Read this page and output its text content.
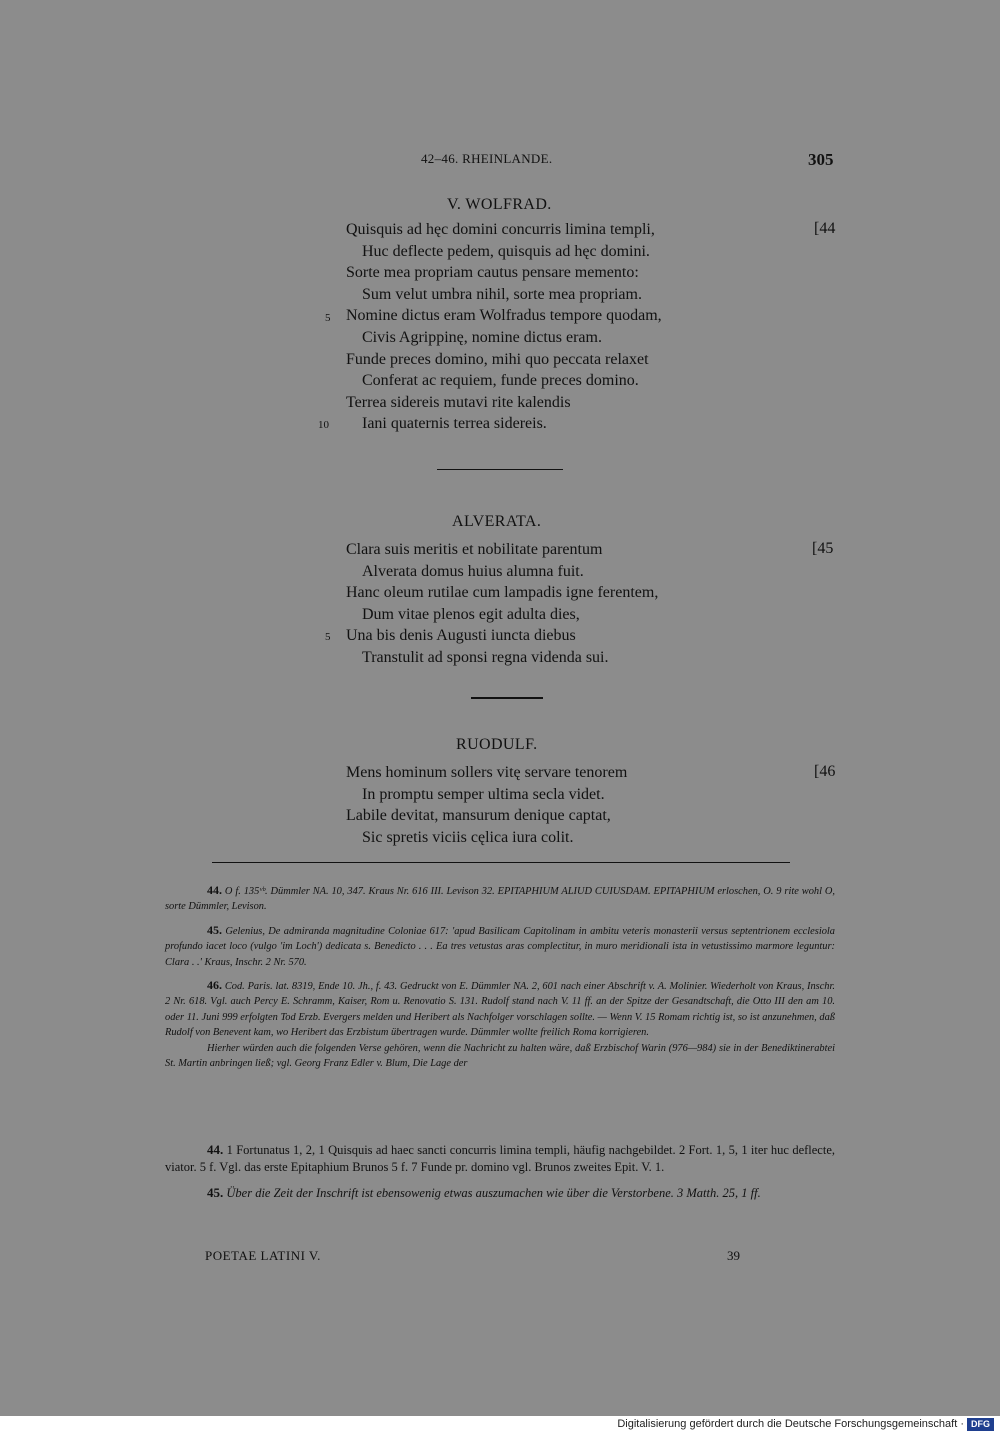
42–46. RHEINLANDE.	305
V. WOLFRAD.
[44
Quisquis ad hęc domini concurris limina templi,
Huc deflecte pedem, quisquis ad hęc domini.
Sorte mea propriam cautus pensare memento:
Sum velut umbra nihil, sorte mea propriam.
Nomine dictus eram Wolfradus tempore quodam,
Civis Agrippinę, nomine dictus eram.
Funde preces domino, mihi quo peccata relaxet
Conferat ac requiem, funde preces domino.
Terrea sidereis mutavi rite kalendis
Iani quaternis terrea sidereis.
5
10
ALVERATA.
[45
Clara suis meritis et nobilitate parentum
Alverata domus huius alumna fuit.
Hanc oleum rutilae cum lampadis igne ferentem,
Dum vitae plenos egit adulta dies,
Una bis denis Augusti iuncta diebus
Transtulit ad sponsi regna videnda sui.
5
RUODULF.
[46
Mens hominum sollers vitę servare tenorem
In promptu semper ultima secla videt.
Labile devitat, mansurum denique captat,
Sic spretis viciis cęlica iura colit.

44. O f. 135ᵛᵇ. Dümmler NA. 10, 347. Kraus Nr. 616 III. Levison 32. EPITAPHIUM ALIUD CUIUSDAM. EPITAPHIUM erloschen, O. 9 rite wohl O, sorte Dümmler, Levison.

45. Gelenius, De admiranda magnitudine Coloniae 617: 'apud Basilicam Capitolinam in ambitu veteris monasterii versus septentrionem ecclesiola profundo iacet loco (vulgo 'im Loch') dedicata s. Benedicto . . . Ea tres vetustas aras complectitur, in muro meridionali ista in vetustissimo marmore leguntur: Clara . .' Kraus, Inschr. 2 Nr. 570.

46. Cod. Paris. lat. 8319, Ende 10. Jh., f. 43. Gedruckt von E. Dümmler NA. 2, 601 nach einer Abschrift v. A. Molinier. Wiederholt von Kraus, Inschr. 2 Nr. 618. Vgl. auch Percy E. Schramm, Kaiser, Rom u. Renovatio S. 131. Rudolf stand nach V. 11 ff. an der Spitze der Gesandtschaft, die Otto III den am 10. oder 11. Juni 999 erfolgten Tod Erzb. Evergers melden und Heribert als Nachfolger vorschlagen sollte. — Wenn V. 15 Romam richtig ist, so ist anzunehmen, daß Rudolf von Benevent kam, wo Heribert das Erzbistum übertragen wurde. Dümmler wollte freilich Roma korrigieren.

Hierher würden auch die folgenden Verse gehören, wenn die Nachricht zu halten wäre, daß Erzbischof Warin (976—984) sie in der Benediktinerabtei St. Martin anbringen ließ; vgl. Georg Franz Edler v. Blum, Die Lage der

44. 1 Fortunatus 1, 2, 1 Quisquis ad haec sancti concurris limina templi, häufig nachgebildet. 2 Fort. 1, 5, 1 iter huc deflecte, viator. 5 f. Vgl. das erste Epitaphium Brunos 5 f. 7 Funde pr. domino vgl. Brunos zweites Epit. V. 1.

45. Über die Zeit der Inschrift ist ebensowenig etwas auszumachen wie über die Verstorbene. 3 Matth. 25, 1 ff.

POETAE LATINI V.	39
Digitalisierung gefördert durch die Deutsche Forschungsgemeinschaft · DFG
